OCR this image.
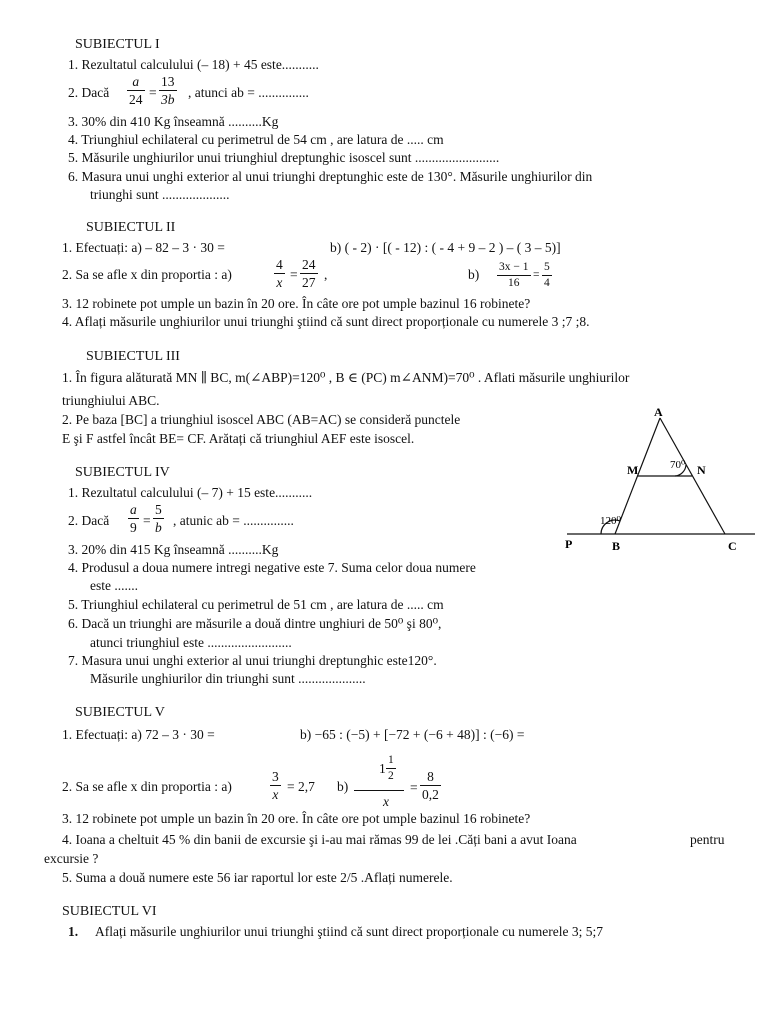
SUBIECTUL I
1. Rezultatul calculului (– 18) + 45 este...........
2. Dacă $\frac{a}{24} = \frac{13}{3b}$ , atunci ab = ...............
3. 30% din 410 Kg înseamnă ..........Kg
4. Triunghiul echilateral cu perimetrul de 54 cm , are latura de ..... cm
5. Măsurile unghiurilor unui triunghiul dreptunghic isoscel sunt .........................
6. Masura unui unghi exterior al unui triunghi dreptunghic este de 130°. Măsurile unghiurilor din
triunghi sunt ....................
SUBIECTUL II
1. Efectuați: a) – 82 – 3 · 30 =	b) ( - 2) · [( - 12) : ( - 4 + 9 – 2 ) – ( 3 – 5)]
2. Sa se afle x din proportia : a)	$\frac{4}{x} = \frac{24}{27}$ ,	$b) \frac{3x - 1}{16} = \frac{5}{4}$
3. 12 robinete pot umple un bazin în 20 ore. În câte ore pot umple bazinul 16 robinete?
4. Aflați măsurile unghiurilor unui triunghi ştiind că sunt direct proporționale cu numerele 3 ;7 ;8.
SUBIECTUL III
1. În figura alăturată MN ∥ BC, m(∠ABP)=120⁰ , B ∈ (PC) m∠ANM)=70⁰ . Aflati măsurile unghiurilor
triunghiului ABC.
2. Pe baza [BC] a triunghiul isoscel ABC (AB=AC) se consideră punctele
E şi F astfel încât BE= CF. Arătați că triunghiul AEF este isoscel.
A
M	N
P	B	C
70⁰
120⁰
SUBIECTUL IV
1. Rezultatul calculului (– 7) + 15 este...........
2. Dacă $\frac{a}{9} = \frac{5}{b}$ , atunic ab = ...............
3. 20% din 415 Kg înseamnă ..........Kg
4. Produsul a doua numere intregi negative este 7. Suma celor doua numere
este .......
5. Triunghiul echilateral cu perimetrul de 51 cm , are latura de ..... cm
6. Dacă un triunghi are măsurile a două dintre unghiuri de 50⁰ şi 80⁰,
atunci triunghiul este .........................
7. Masura unui unghi exterior al unui triunghi dreptunghic este120°.
Măsurile unghiurilor din triunghi sunt ....................
SUBIECTUL V
1. Efectuați: a) 72 – 3 · 30 =	b) −65 : (−5) + [−72 + (−6 + 48)] : (−6) =
2. Sa se afle x din proportia : a)	$\frac{3}{x} = 2,7$ b)
$1 \frac{1}{2}$
x
= $\frac{8}{0,2}$
3. 12 robinete pot umple un bazin în 20 ore. În câte ore pot umple bazinul 16 robinete?
4. Ioana a cheltuit 45 % din banii de excursie şi i-au mai rămas 99 de lei .Căți bani a avut Ioana	pentru
excursie ?
5. Suma a două numere este 56 iar raportul lor este 2/5 .Aflați numerele.
SUBIECTUL VI
1. Aflați măsurile unghiurilor unui triunghi ştiind că sunt direct proporționale cu numerele 3; 5;7
